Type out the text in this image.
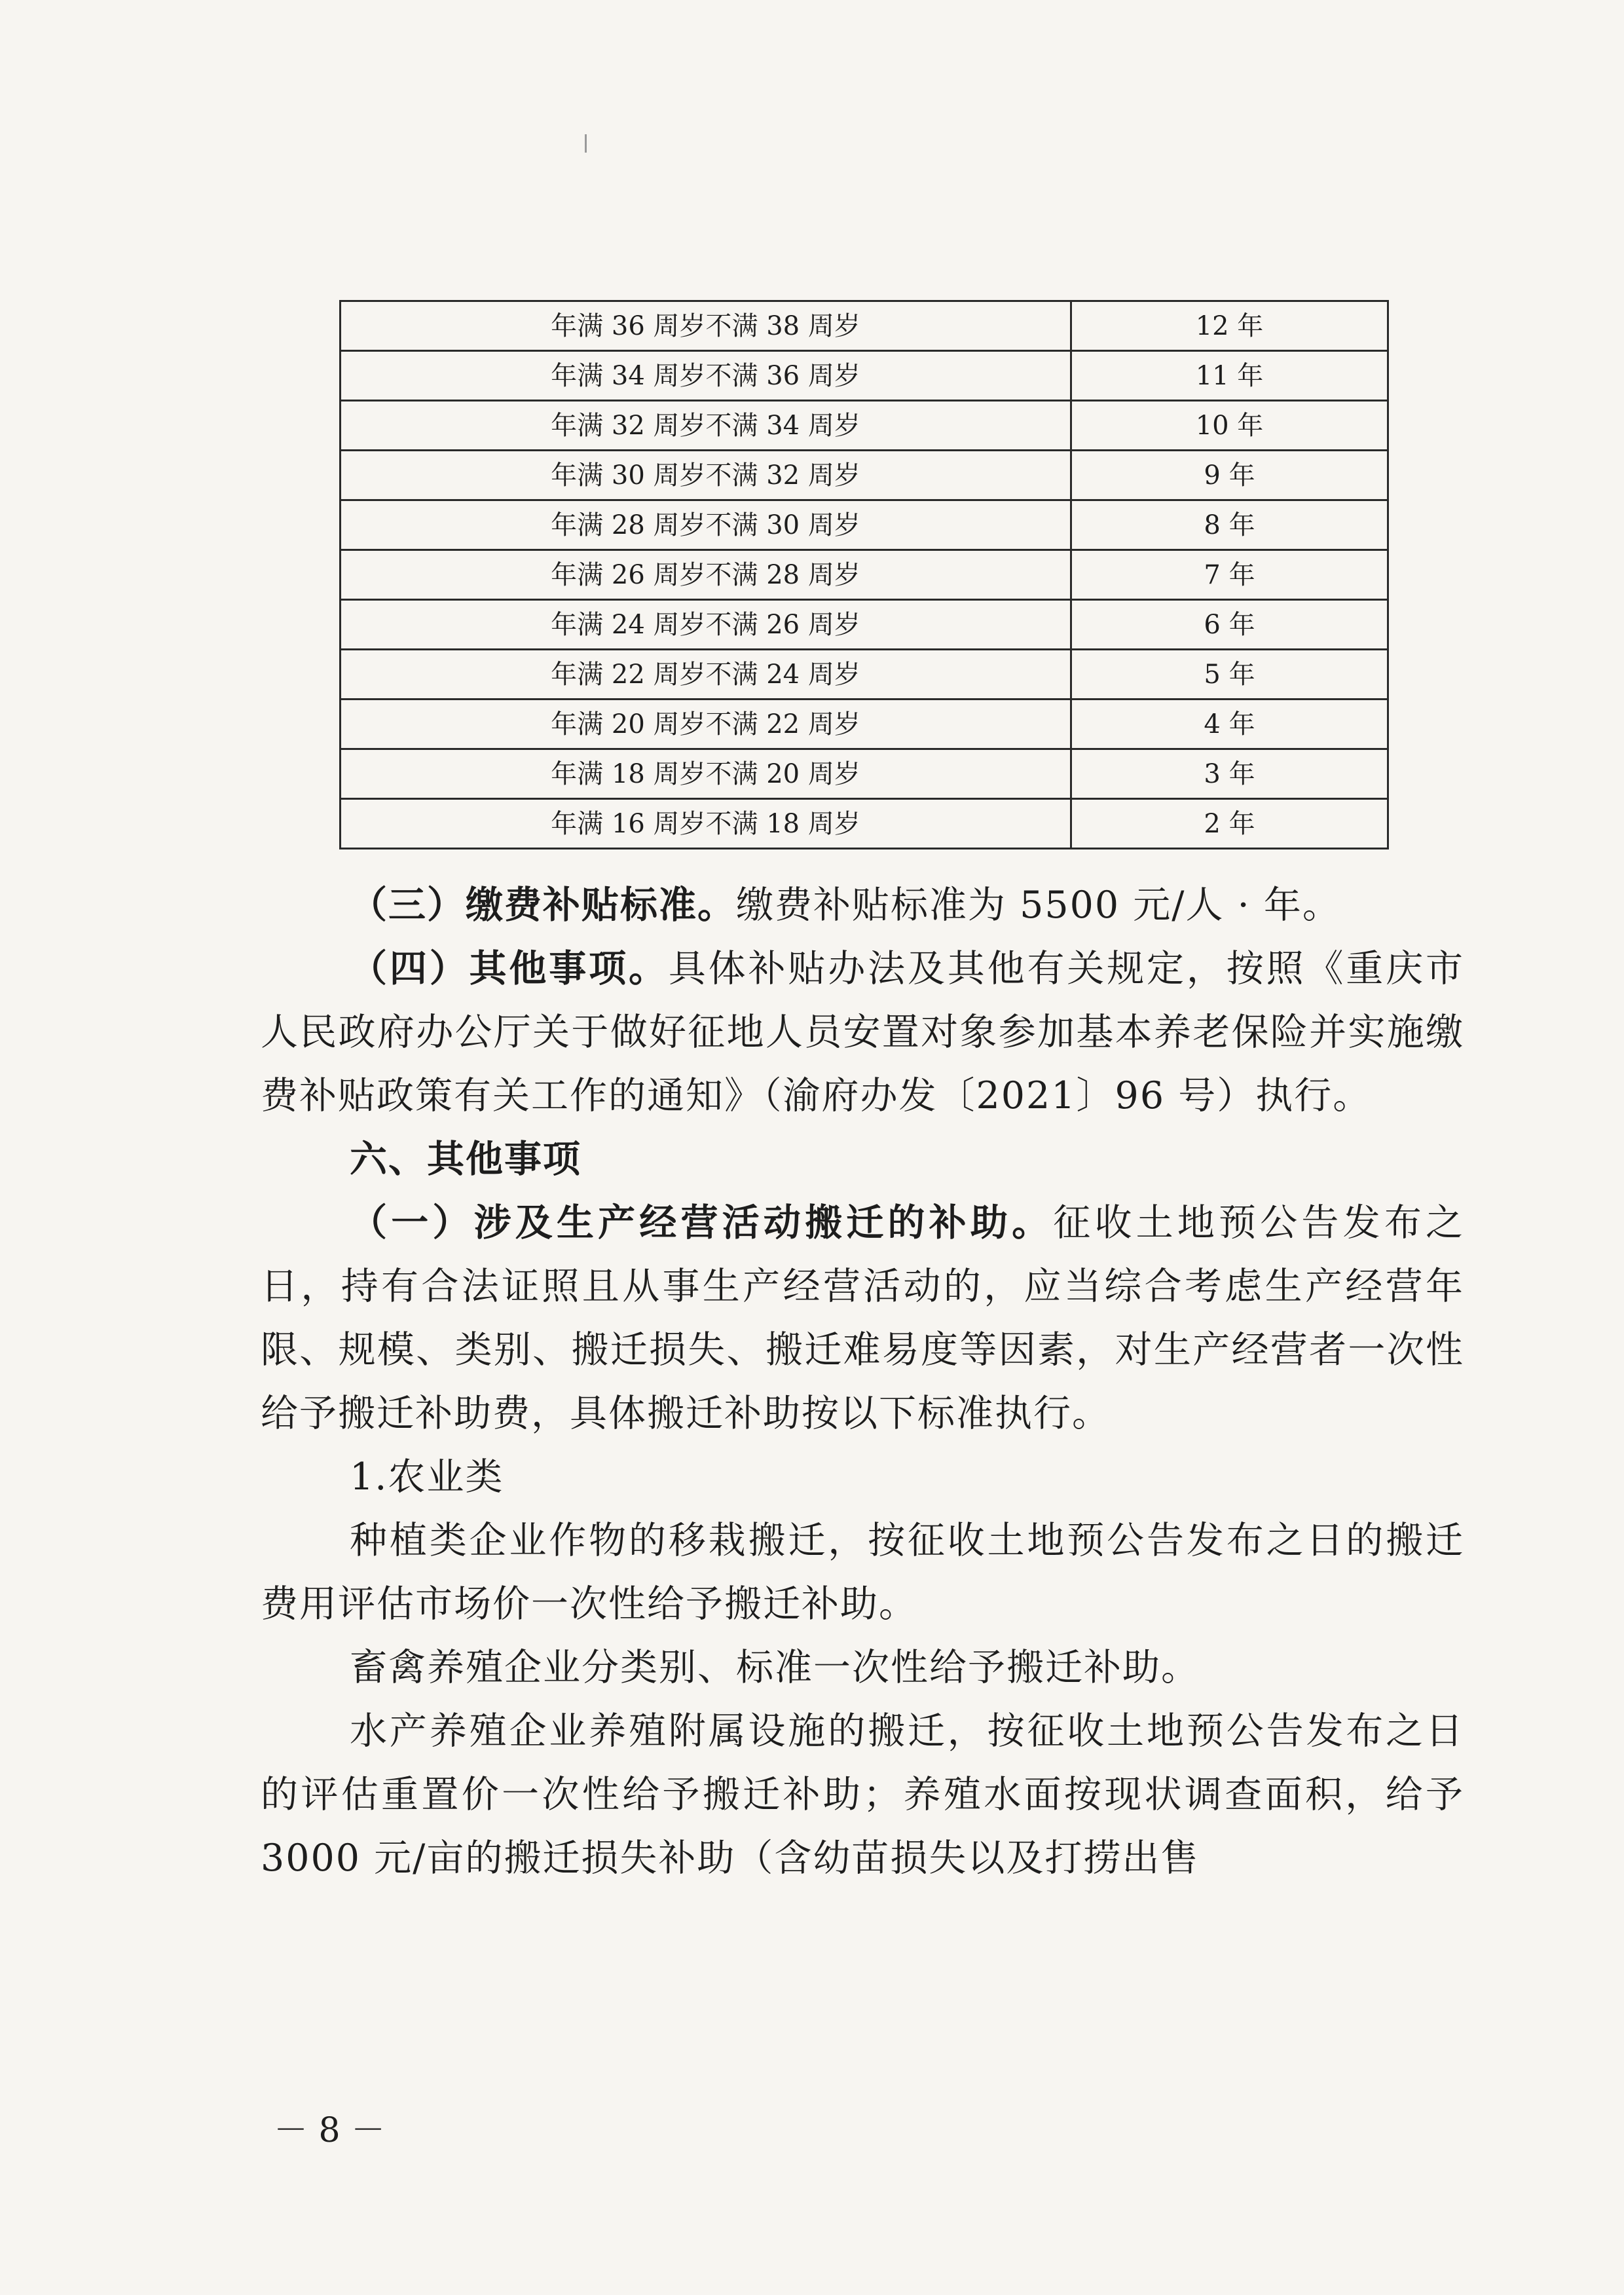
年满 36 周岁不满 38 周岁	12 年
年满 34 周岁不满 36 周岁	11 年
年满 32 周岁不满 34 周岁	10 年
年满 30 周岁不满 32 周岁	9 年
年满 28 周岁不满 30 周岁	8 年
年满 26 周岁不满 28 周岁	7 年
年满 24 周岁不满 26 周岁	6 年
年满 22 周岁不满 24 周岁	5 年
年满 20 周岁不满 22 周岁	4 年
年满 18 周岁不满 20 周岁	3 年
年满 16 周岁不满 18 周岁	2 年

（三）缴费补贴标准。缴费补贴标准为 5500 元/人 · 年。

（四）其他事项。具体补贴办法及其他有关规定，按照《重庆市人民政府办公厅关于做好征地人员安置对象参加基本养老保险并实施缴费补贴政策有关工作的通知》（渝府办发〔2021〕96 号）执行。

六、其他事项

（一）涉及生产经营活动搬迁的补助。征收土地预公告发布之日，持有合法证照且从事生产经营活动的，应当综合考虑生产经营年限、规模、类别、搬迁损失、搬迁难易度等因素，对生产经营者一次性给予搬迁补助费，具体搬迁补助按以下标准执行。

1.农业类

种植类企业作物的移栽搬迁，按征收土地预公告发布之日的搬迁费用评估市场价一次性给予搬迁补助。

畜禽养殖企业分类别、标准一次性给予搬迁补助。

水产养殖企业养殖附属设施的搬迁，按征收土地预公告发布之日的评估重置价一次性给予搬迁补助；养殖水面按现状调查面积，给予 3000 元/亩的搬迁损失补助（含幼苗损失以及打捞出售

－ 8 －
